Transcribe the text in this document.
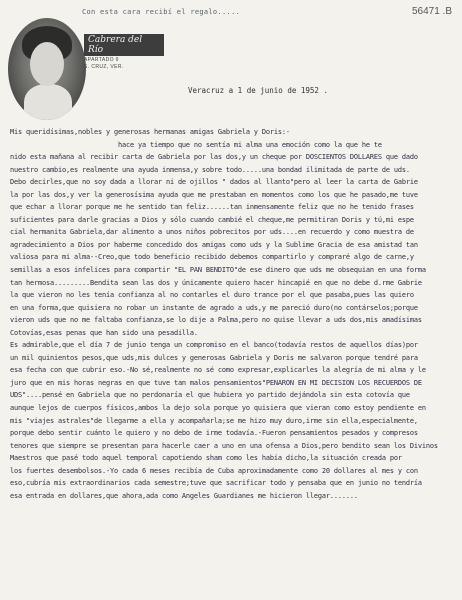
Con esta cara recibí el regalo.....	56471 .B
Cabrera del Río
APARTADO 9
S. CRUZ, VER.
Veracruz a 1 de junio de 1952 .

Mis queridísimas,nobles y generosas hermanas amigas Gabriela y Doris:-

hace ya tiempo que no sentía mi alma una emoción como la que he te

nido esta mañana al recibir carta de Gabriela por las dos,y un cheque por DOSCIENTOS DOLLARES que dado

nuestro cambio,es realmente una ayuda inmensa,y sobre todo.....una bondad ilimitada de parte de uds.

Debo decirles,que no soy dada a llorar ni de ojillos " dados al llanto"pero al leer la carta de Gabrie

la por las dos,y ver la generosísima ayuda que me prestaban en momentos como los que he pasado,me tuve

que echar a llorar porque me he sentido tan feliz......tan inmensamente feliz que no he tenido frases

suficientes para darle gracias a Dios y sólo cuando cambié el cheque,me permitiran Doris y tú,mi espe

cial hermanita Gabriela,dar alimento a unos niños pobrecitos por uds....en recuerdo y como muestra de

agradecimiento a Dios por haberme concedido dos amigas como uds y la Sublime Gracia de esa amistad tan

valiosa para mi alma--Creo,que todo beneficio recibido debemos compartirlo y compraré algo de carne,y

semillas a esos infelices para compartir "EL PAN BENDITO"de ese dinero que uds me obsequian en una forma

tan hermosa.........Bendita sean las dos y únicamente quiero hacer hincapié en que no debe d.rme Gabrie

la que vieron no les tenía confianza al no contarles el duro trance por el que pasaba,pues las quiero

en una forma,que quisiera no robar un instante de agrado a uds,y me pareció duro(no contárselos;porque

vieron uds que no me faltaba confianza,se lo dije a Palma,pero no quise llevar a uds dos,mis amadísimas

Cotovías,esas penas que han sido una pesadilla.

Es admirable,que el día 7 de junio tenga un compromiso en el banco(todavía restos de aquellos días)por

un mil quinientos pesos,que uds,mis dulces y generosas Gabriela y Doris me salvaron porque tendré para

esa fecha con que cubrir eso.-No sé,realmente no sé como expresar,explicarles la alegría de mi alma y le

juro que en mis horas negras en que tuve tan malos pensamientos"PENARON EN MI DECISION LOS RECUERDOS DE

UDS"....pensé en Gabriela que no perdonaría el que hubiera yo partido dejándola sin esta cotovía que

aunque lejos de cuerpos físicos,ambos la dejo sola porque yo quisiera que vieran como estoy pendiente en

mis "viajes astrales"de llegarme a ella y acompañarla;se me hizo muy duro,irme sin ella,especialmente,

porque debo sentir cuánto le quiero y no debo de irme todavía.-Fueron pensamientos pesados y compresos

tenores que siempre se presentan para hacerle caer a uno en una ofensa a Dios,pero bendito sean los Divinos

Maestros que pasé todo aquel temporal capotiendo sham como les había dicho,la situación creada por

los fuertes desembolsos.-Yo cada 6 meses recibía de Cuba aproximadamente como 20 dollares al mes y con

eso,cubría mis extraordinarios cada semestre;tuve que sacrificar todo y pensaba que en junio no tendría

esa entrada en dollares,que ahora,ada como Angeles Guardianes me hicieron llegar.......
